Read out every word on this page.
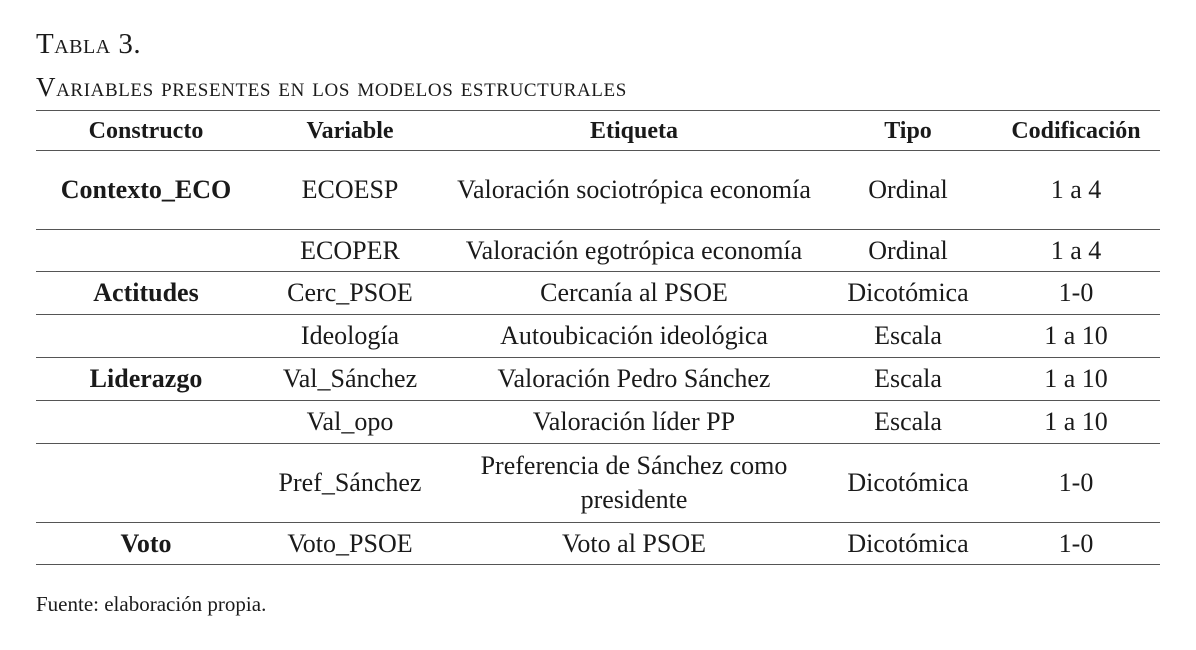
Tabla 3.
Variables presentes en los modelos estructurales
Constructo	Variable	Etiqueta	Tipo	Codificación
Contexto_ECO	ECOESP	Valoración sociotrópica economía	Ordinal	1 a 4
	ECOPER	Valoración egotrópica economía	Ordinal	1 a 4
Actitudes	Cerc_PSOE	Cercanía al PSOE	Dicotómica	1-0
	Ideología	Autoubicación ideológica	Escala	1 a 10
Liderazgo	Val_Sánchez	Valoración Pedro Sánchez	Escala	1 a 10
	Val_opo	Valoración líder PP	Escala	1 a 10
	Pref_Sánchez	Preferencia de Sánchez como presidente	Dicotómica	1-0
Voto	Voto_PSOE	Voto al PSOE	Dicotómica	1-0
Fuente: elaboración propia.
